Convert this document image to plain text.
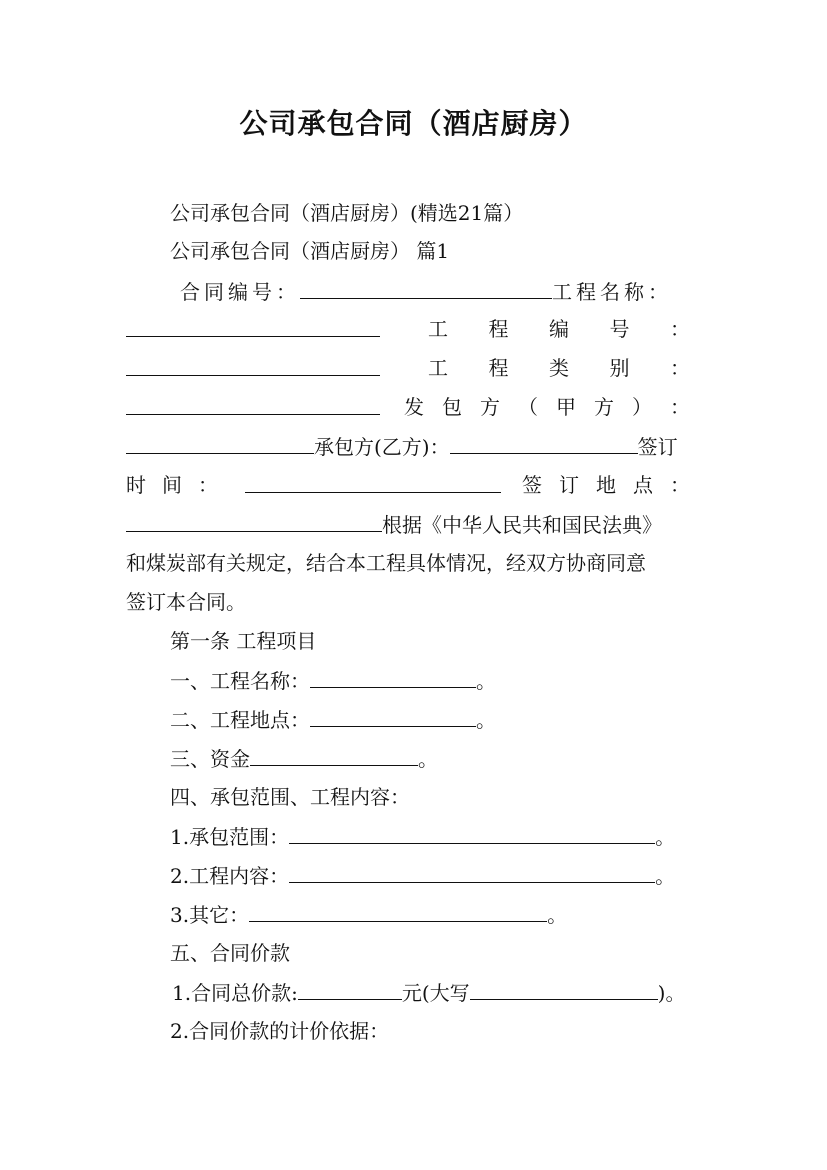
公司承包合同（酒店厨房）
公司承包合同（酒店厨房）(精选21篇）
公司承包合同（酒店厨房） 篇1
合同编号：	工程名称：
工 程 编 号 ：
工 程 类 别 ：
发 包 方 （ 甲 方 ） ：
承包方(乙方)：	签订
时 间 ：	签 订 地 点 ：
根据《中华人民共和国民法典》
和煤炭部有关规定，结合本工程具体情况，经双方协商同意
签订本合同。
第一条 工程项目
一、工程名称：	。
二、工程地点：	。
三、资金	。
四、承包范围、工程内容：
1.承包范围：	。
2.工程内容：	。
3.其它：	。
五、合同价款
1.合同总价款:	元(大写	)。
2.合同价款的计价依据：
